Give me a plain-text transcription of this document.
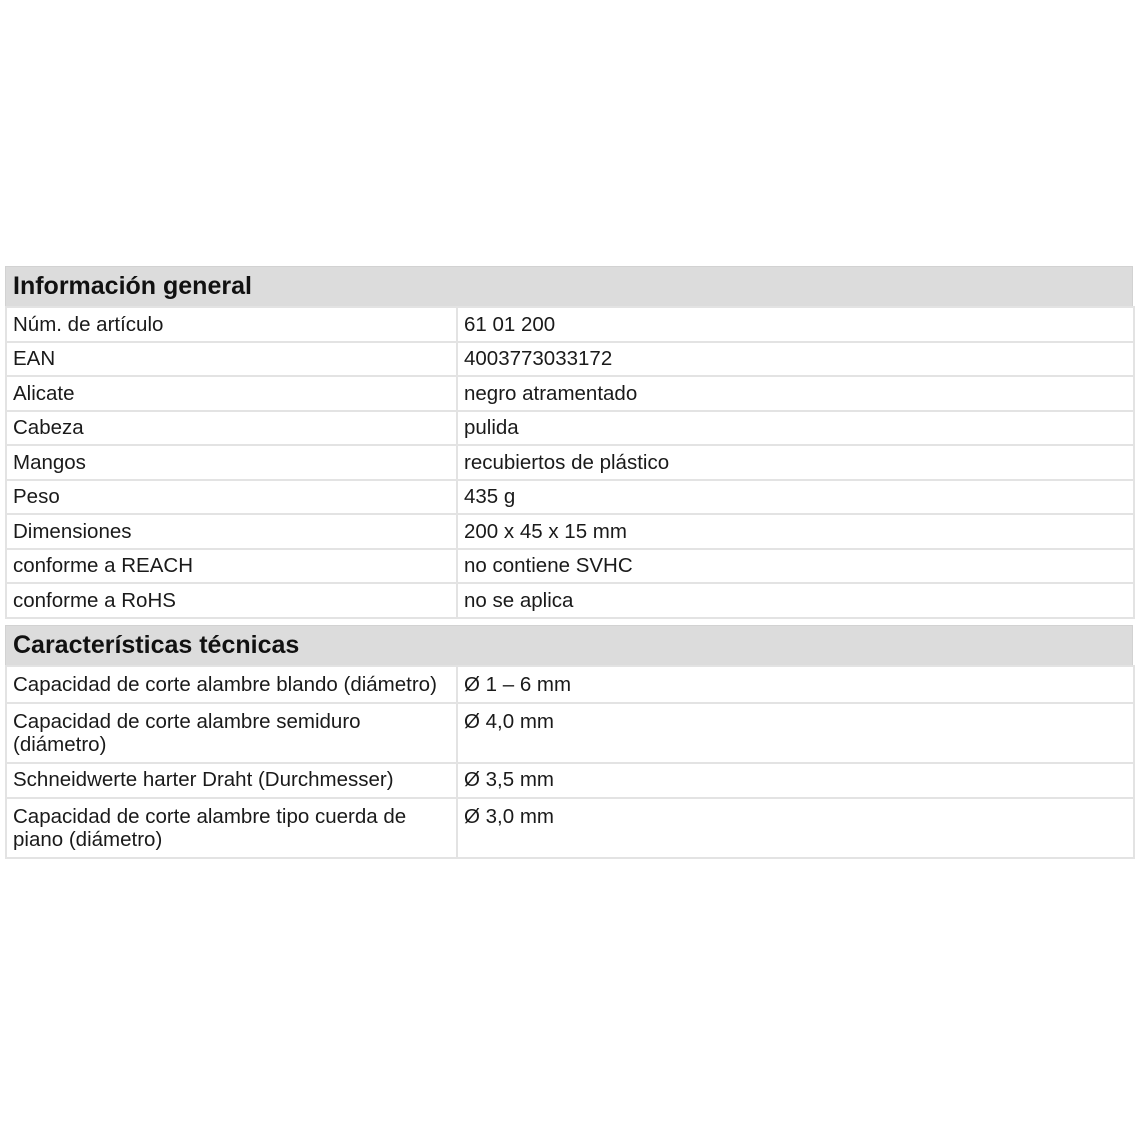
Información general
Núm. de artículo	61 01 200
EAN	4003773033172
Alicate	negro atramentado
Cabeza	pulida
Mangos	recubiertos de plástico
Peso	435 g
Dimensiones	200 x 45 x 15 mm
conforme a REACH	no contiene SVHC
conforme a RoHS	no se aplica
Características técnicas
Capacidad de corte alambre blando (diámetro)	Ø 1 – 6 mm
Capacidad de corte alambre semiduro (diámetro)	Ø 4,0 mm
Schneidwerte harter Draht (Durchmesser)	Ø 3,5 mm
Capacidad de corte alambre tipo cuerda de piano (diámetro)	Ø 3,0 mm
